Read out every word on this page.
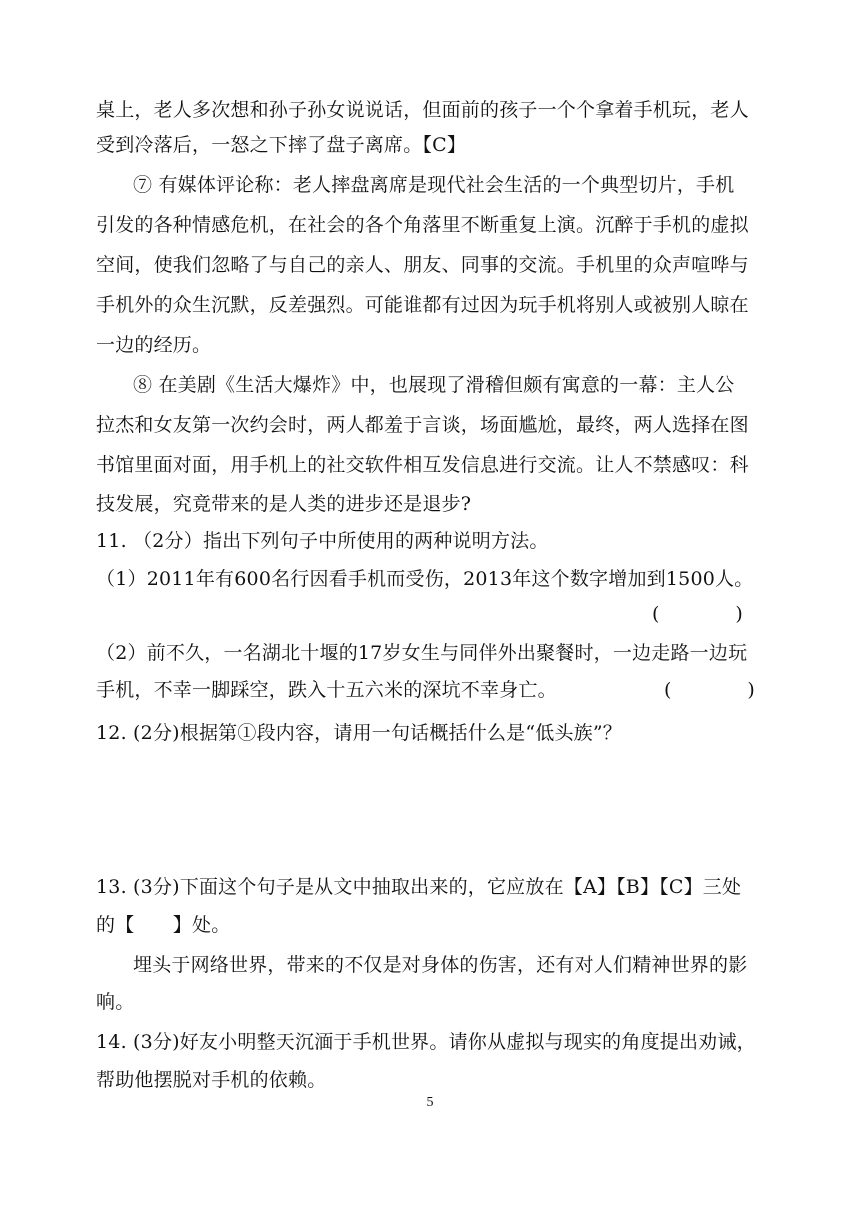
桌上，老人多次想和孙子孙女说说话，但面前的孩子一个个拿着手机玩，老人
受到冷落后，一怒之下摔了盘子离席。【C】
⑦ 有媒体评论称：老人摔盘离席是现代社会生活的一个典型切片，手机
引发的各种情感危机，在社会的各个角落里不断重复上演。沉醉于手机的虚拟
空间，使我们忽略了与自己的亲人、朋友、同事的交流。手机里的众声喧哗与
手机外的众生沉默，反差强烈。可能谁都有过因为玩手机将别人或被别人晾在
一边的经历。
⑧ 在美剧《生活大爆炸》中，也展现了滑稽但颇有寓意的一幕：主人公
拉杰和女友第一次约会时，两人都羞于言谈，场面尴尬，最终，两人选择在图
书馆里面对面，用手机上的社交软件相互发信息进行交流。让人不禁感叹：科
技发展，究竟带来的是人类的进步还是退步?
11. （2分）指出下列句子中所使用的两种说明方法。
（1）2011年有600名行因看手机而受伤，2013年这个数字增加到1500人。
(　　　　)
（2）前不久，一名湖北十堰的17岁女生与同伴外出聚餐时，一边走路一边玩
手机，不幸一脚踩空，跌入十五六米的深坑不幸身亡。	(　　　　)
12. (2分)根据第①段内容，请用一句话概括什么是“低头族”？
13. (3分)下面这个句子是从文中抽取出来的，它应放在【A】【B】【C】三处
的【　　】处。
埋头于网络世界，带来的不仅是对身体的伤害，还有对人们精神世界的影
响。
14. (3分)好友小明整天沉湎于手机世界。请你从虚拟与现实的角度提出劝诫，
帮助他摆脱对手机的依赖。
5
